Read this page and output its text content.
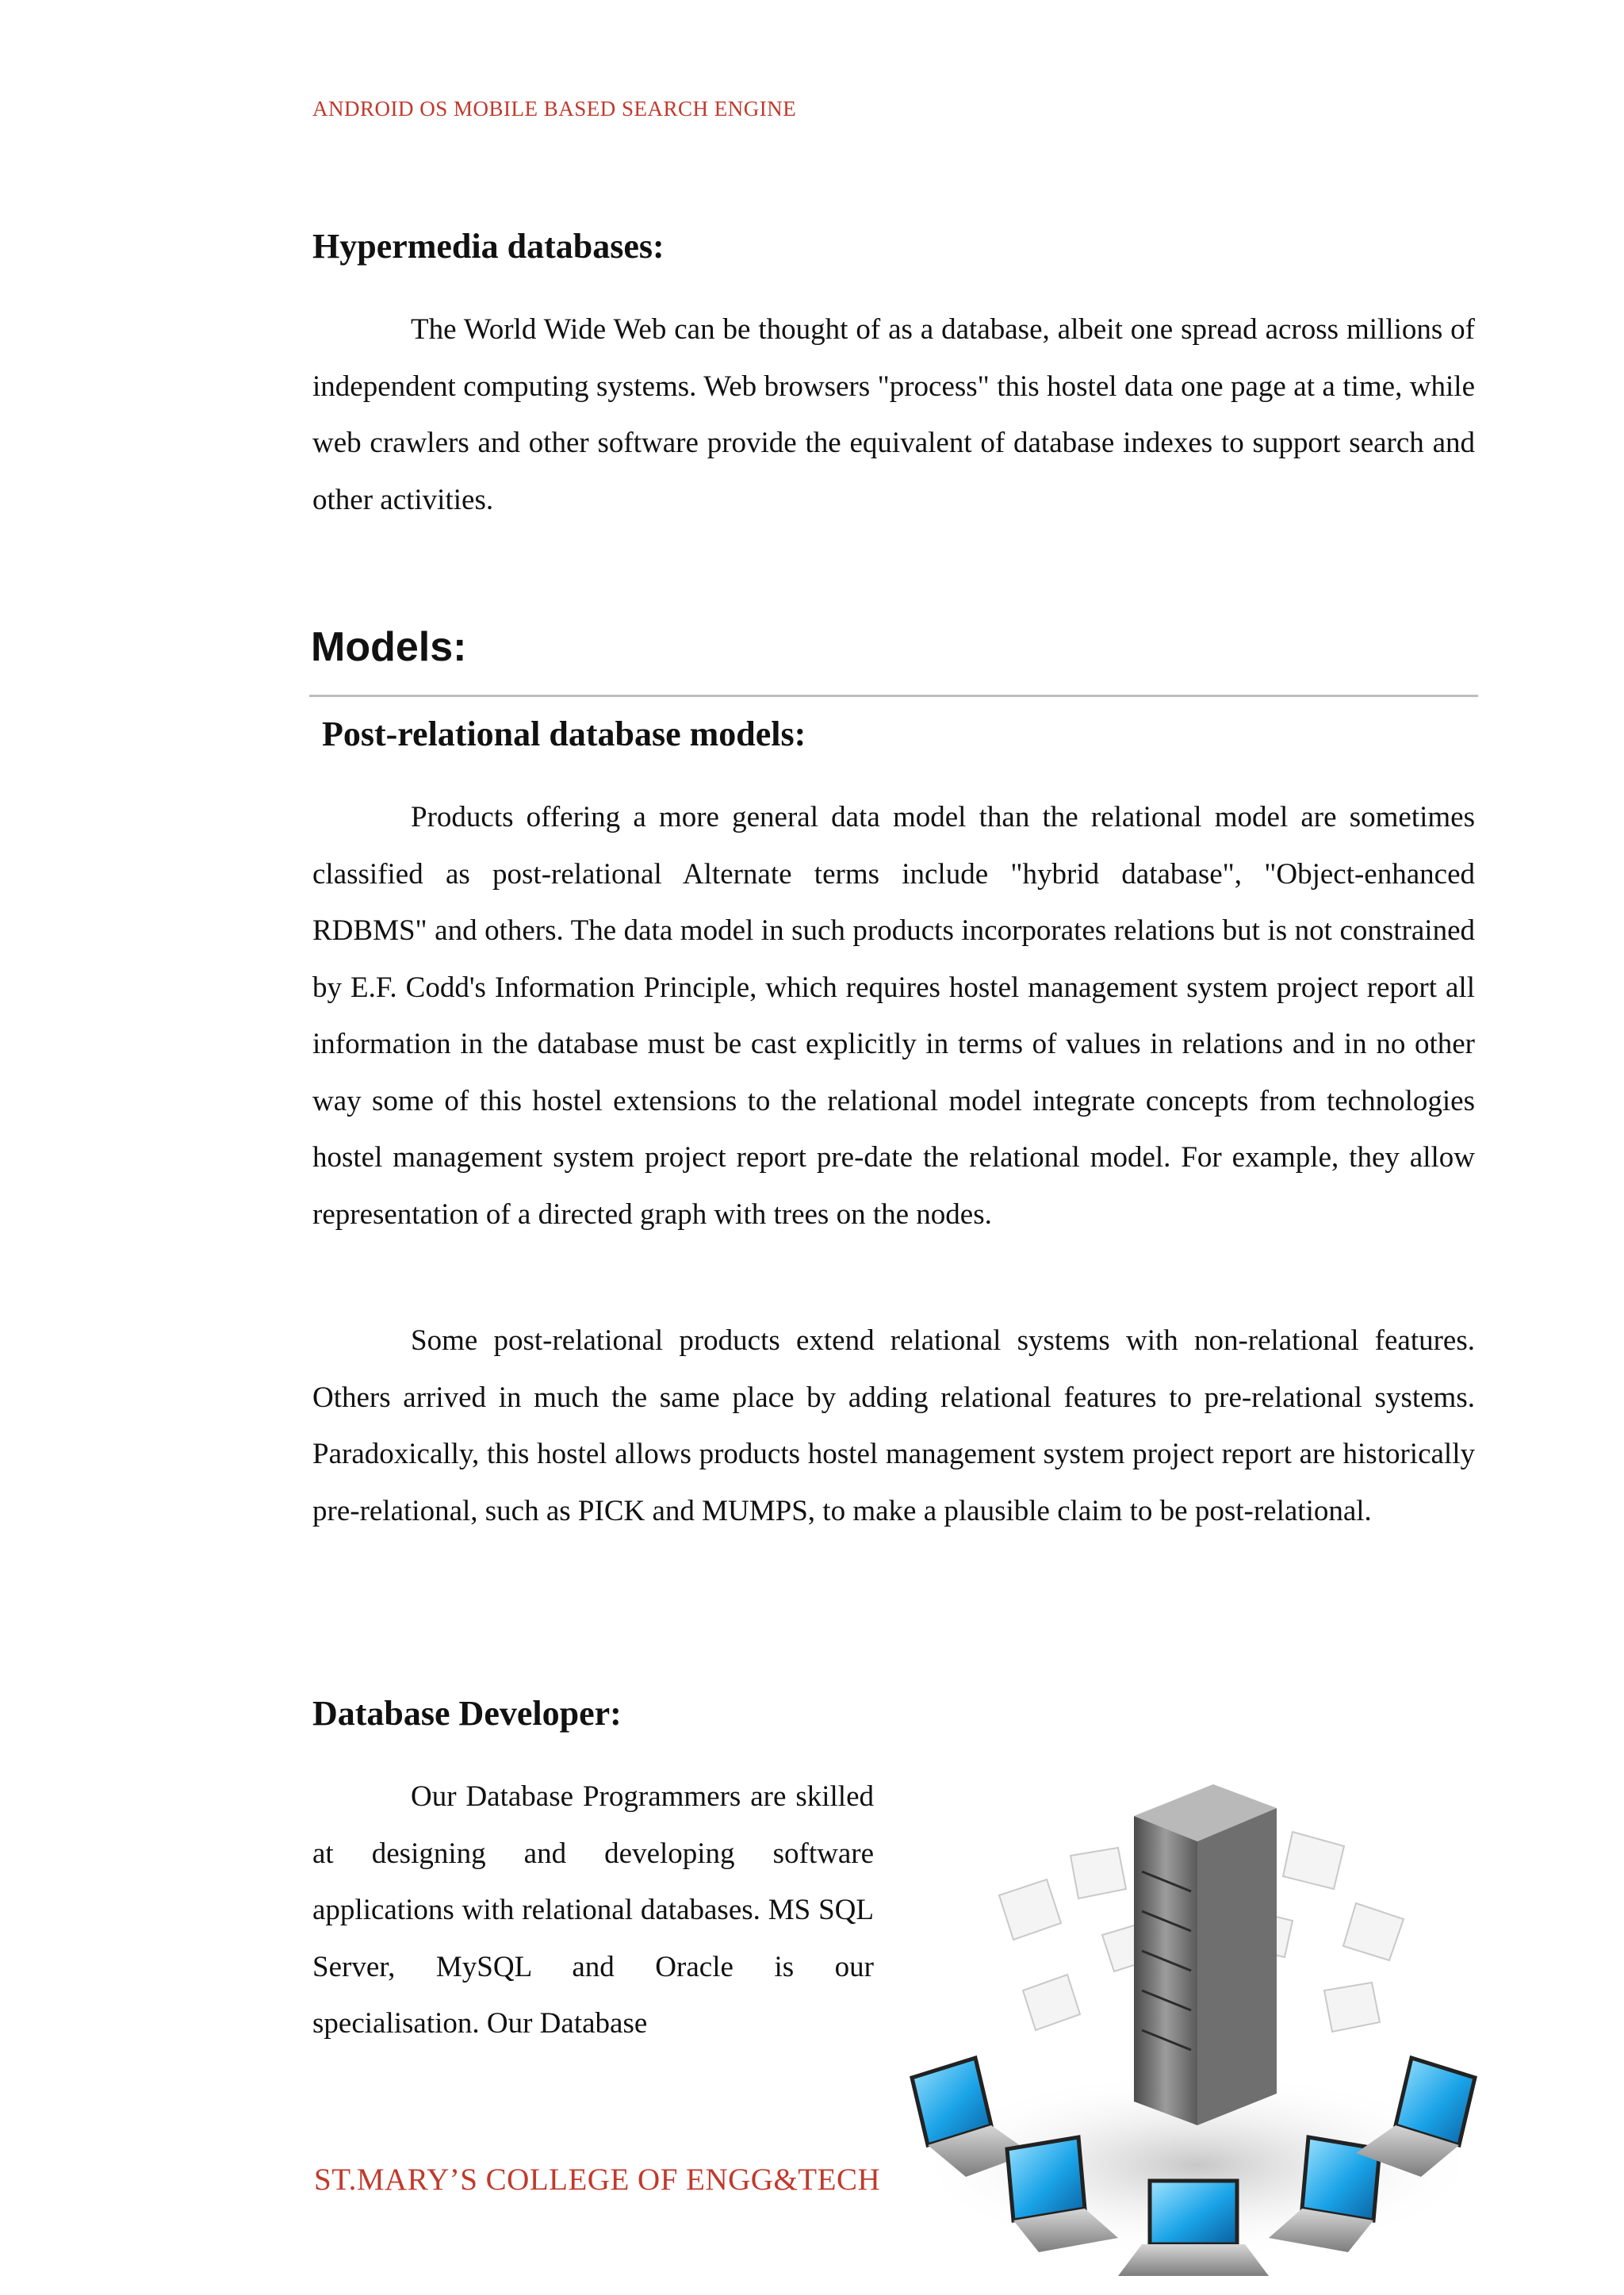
ANDROID OS MOBILE BASED SEARCH ENGINE
Hypermedia databases:

The World Wide Web can be thought of as a database, albeit one spread across millions of independent computing systems. Web browsers "process" this hostel data one page at a time, while web crawlers and other software provide the equivalent of database indexes to support search and other activities.

Models:
Post-relational database models:

Products offering a more general data model than the relational model are sometimes classified as post-relational Alternate terms include "hybrid database", "Object-enhanced RDBMS" and others. The data model in such products incorporates relations but is not constrained by E.F. Codd's Information Principle, which requires hostel management system project report all information in the database must be cast explicitly in terms of values in relations and in no other way some of this hostel extensions to the relational model integrate concepts from technologies hostel management system project report pre-date the relational model. For example, they allow representation of a directed graph with trees on the nodes.

Some post-relational products extend relational systems with non-relational features. Others arrived in much the same place by adding relational features to pre-relational systems. Paradoxically, this hostel allows products hostel management system project report are historically pre-relational, such as PICK and MUMPS, to make a plausible claim to be post-relational.

Database Developer:

Our Database Programmers are skilled at designing and developing software applications with relational databases. MS SQL Server, MySQL and Oracle is our specialisation. Our Database

ST.MARY’S COLLEGE OF ENGG&TECH
